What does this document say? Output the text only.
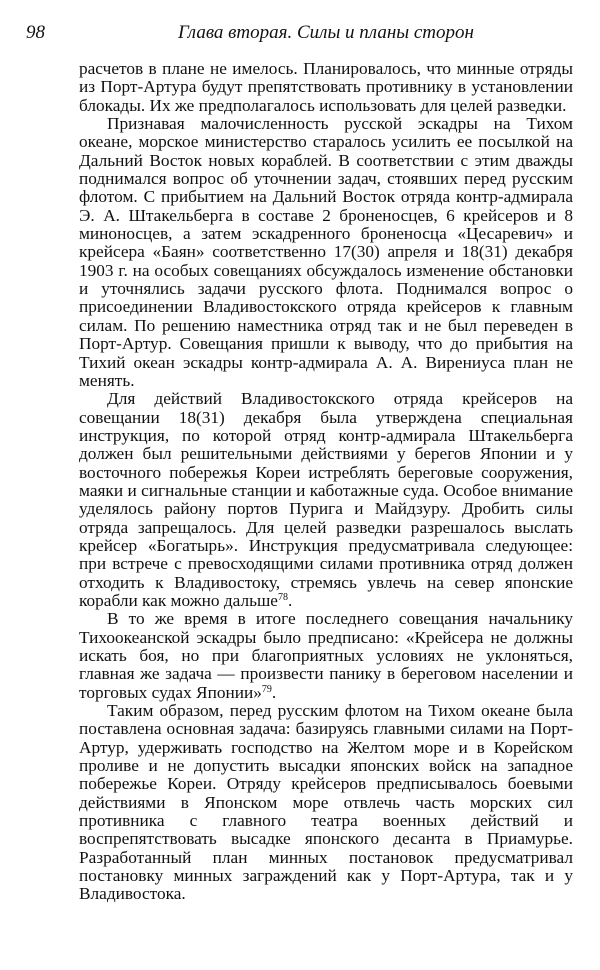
98	Глава вторая. Силы и планы сторон

расчетов в плане не имелось. Планировалось, что минные отряды из Порт-Артура будут препятствовать противнику в установлении блокады. Их же предполагалось использовать для целей разведки.

Признавая малочисленность русской эскадры на Тихом океане, морское министерство старалось усилить ее посылкой на Дальний Восток новых кораблей. В соответствии с этим дважды поднимался вопрос об уточнении задач, стоявших перед русским флотом. С прибытием на Дальний Восток отряда контр-адмирала Э. А. Штакельберга в составе 2 броненосцев, 6 крейсеров и 8 миноносцев, а затем эскадренного броненосца «Цесаревич» и крейсера «Баян» соответственно 17(30) апреля и 18(31) декабря 1903 г. на особых совещаниях обсуждалось изменение обстановки и уточнялись задачи русского флота. Поднимался вопрос о присоединении Владивостокского отряда крейсеров к главным силам. По решению наместника отряд так и не был переведен в Порт-Артур. Совещания пришли к выводу, что до прибытия на Тихий океан эскадры контр-адмирала А. А. Вирениуса план не менять.

Для действий Владивостокского отряда крейсеров на совещании 18(31) декабря была утверждена специальная инструкция, по которой отряд контр-адмирала Штакельберга должен был решительными действиями у берегов Японии и у восточного побережья Кореи истреблять береговые сооружения, маяки и сигнальные станции и каботажные суда. Особое внимание уделялось району портов Пурига и Майдзуру. Дробить силы отряда запрещалось. Для целей разведки разрешалось выслать крейсер «Богатырь». Инструкция предусматривала следующее: при встрече с превосходящими силами противника отряд должен отходить к Владивостоку, стремясь увлечь на север японские корабли как можно дальше$^{78}$.

В то же время в итоге последнего совещания начальнику Тихоокеанской эскадры было предписано: «Крейсера не должны искать боя, но при благоприятных условиях не уклоняться, главная же задача — произвести панику в береговом населении и торговых судах Японии»$^{79}$.

Таким образом, перед русским флотом на Тихом океане была поставлена основная задача: базируясь главными силами на Порт-Артур, удерживать господство на Желтом море и в Корейском проливе и не допустить высадки японских войск на западное побережье Кореи. Отряду крейсеров предписывалось боевыми действиями в Японском море отвлечь часть морских сил противника с главного театра военных действий и воспрепятствовать высадке японского десанта в Приамурье. Разработанный план минных постановок предусматривал постановку минных заграждений как у Порт-Артура, так и у Владивостока.
